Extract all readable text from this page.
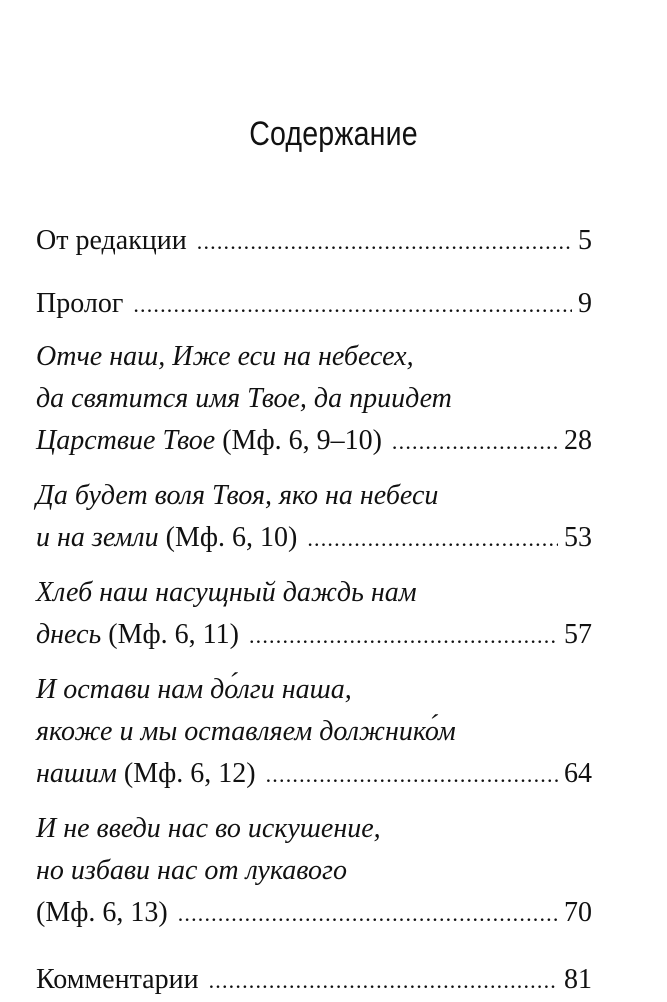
Содержание
От редакции .....	5
Пролог .....	9
Отче наш, Иже еси на небесех,
да святится имя Твое, да приидет
Царствие Твое (Мф. 6, 9–10) .....	28
Да будет воля Твоя, яко на небеси
и на земли (Мф. 6, 10) .....	53
Хлеб наш насущный даждь нам
днесь (Мф. 6, 11) .....	57
И остави нам до́лги наша,
якоже и мы оставляем должнико́м
нашим (Мф. 6, 12) .....	64
И не введи нас во искушение,
но избави нас от лукавого
(Мф. 6, 13) .....	70
Комментарии .....	81
